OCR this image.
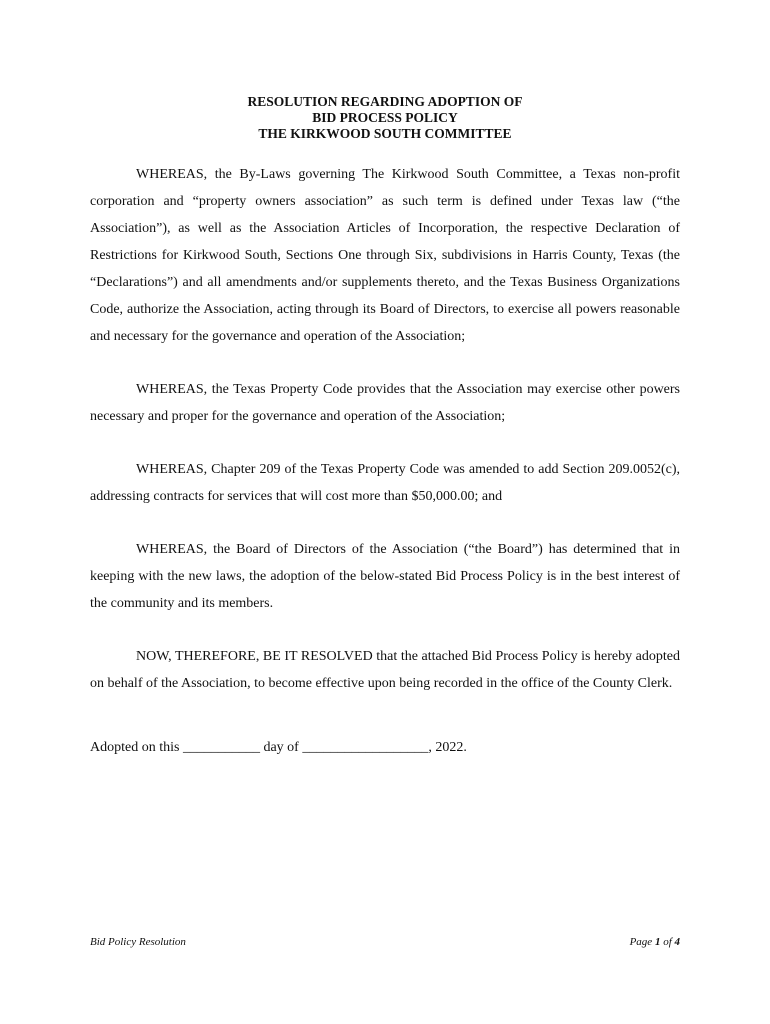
RESOLUTION REGARDING ADOPTION OF
BID PROCESS POLICY
THE KIRKWOOD SOUTH COMMITTEE

WHEREAS, the By-Laws governing The Kirkwood South Committee, a Texas non-profit corporation and “property owners association” as such term is defined under Texas law (“the Association”), as well as the Association Articles of Incorporation, the respective Declaration of Restrictions for Kirkwood South, Sections One through Six, subdivisions in Harris County, Texas (the “Declarations”) and all amendments and/or supplements thereto, and the Texas Business Organizations Code, authorize the Association, acting through its Board of Directors, to exercise all powers reasonable and necessary for the governance and operation of the Association;

WHEREAS, the Texas Property Code provides that the Association may exercise other powers necessary and proper for the governance and operation of the Association;

WHEREAS, Chapter 209 of the Texas Property Code was amended to add Section 209.0052(c), addressing contracts for services that will cost more than $50,000.00; and

WHEREAS, the Board of Directors of the Association (“the Board”) has determined that in keeping with the new laws, the adoption of the below-stated Bid Process Policy is in the best interest of the community and its members.

NOW, THEREFORE, BE IT RESOLVED that the attached Bid Process Policy is hereby adopted on behalf of the Association, to become effective upon being recorded in the office of the County Clerk.

Adopted on this ___________ day of __________________, 2022.

Bid Policy Resolution	Page 1 of 4
